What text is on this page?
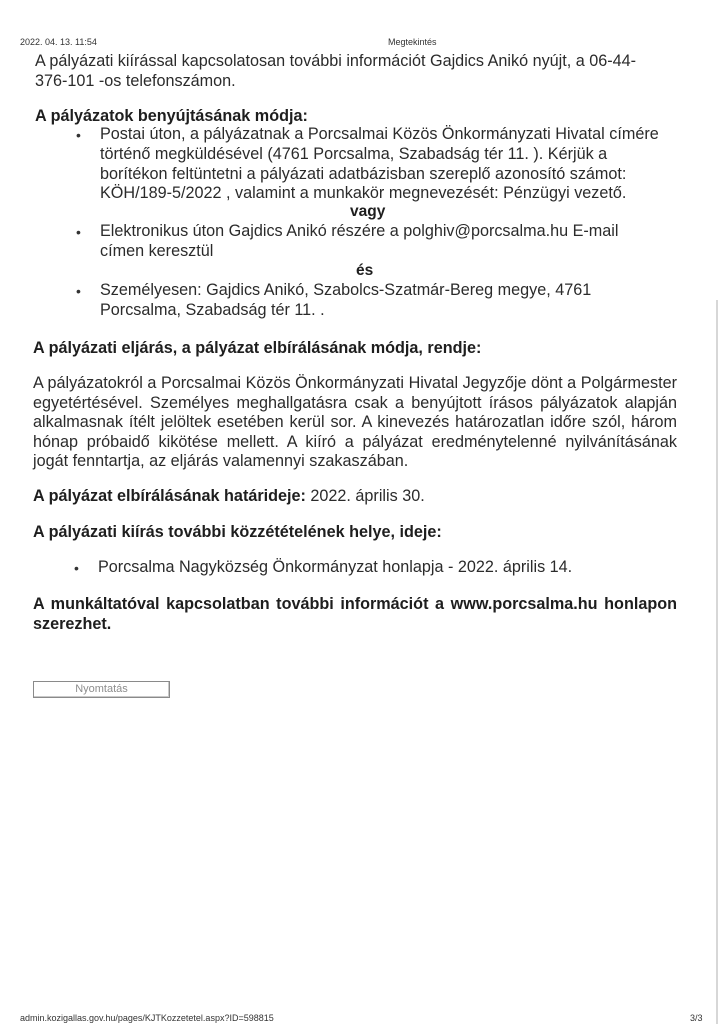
2022. 04. 13. 11:54	Megtekintés
A pályázati kiírással kapcsolatosan további információt Gajdics Anikó nyújt, a 06-44-
376-101 -os telefonszámon.
A pályázatok benyújtásának módja:
• Postai úton, a pályázatnak a Porcsalmai Közös Önkormányzati Hivatal címére
történő megküldésével (4761 Porcsalma, Szabadság tér 11. ). Kérjük a
borítékon feltüntetni a pályázati adatbázisban szereplő azonosító számot:
KÖH/189-5/2022 , valamint a munkakör megnevezését: Pénzügyi vezető.
vagy
• Elektronikus úton Gajdics Anikó részére a polghiv@porcsalma.hu E-mail
címen keresztül
és
• Személyesen: Gajdics Anikó, Szabolcs-Szatmár-Bereg megye, 4761
Porcsalma, Szabadság tér 11. .
A pályázati eljárás, a pályázat elbírálásának módja, rendje:
A pályázatokról a Porcsalmai Közös Önkormányzati Hivatal Jegyzője dönt a Polgármester egyetértésével. Személyes meghallgatásra csak a benyújtott írásos pályázatok alapján alkalmasnak ítélt jelöltek esetében kerül sor. A kinevezés határozatlan időre szól, három hónap próbaidő kikötése mellett. A kiíró a pályázat eredménytelenné nyilvánításának jogát fenntartja, az eljárás valamennyi szakaszában.
A pályázat elbírálásának határideje: 2022. április 30.
A pályázati kiírás további közzétételének helye, ideje:
• Porcsalma Nagyközség Önkormányzat honlapja - 2022. április 14.
A munkáltatóval kapcsolatban további információt a www.porcsalma.hu honlapon szerezhet.
Nyomtatás
admin.kozigallas.gov.hu/pages/KJTKozzetetel.aspx?ID=598815	3/3
